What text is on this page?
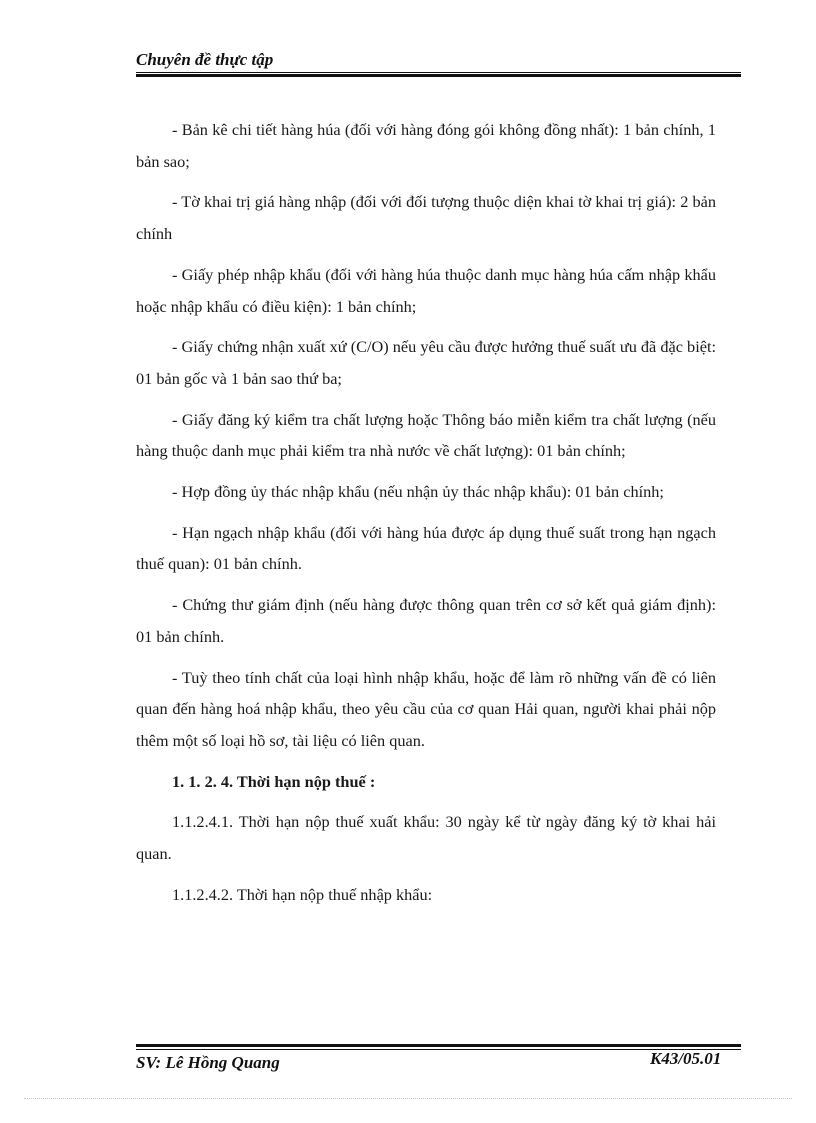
Chuyên đề thực tập

- Bản kê chi tiết hàng húa (đối với hàng đóng gói không đồng nhất): 1 bản chính, 1 bản sao;

- Tờ khai trị giá hàng nhập (đối với đối tượng thuộc diện khai tờ khai trị giá): 2 bản chính

- Giấy phép nhập khẩu (đối với hàng húa thuộc danh mục hàng húa cấm nhập khẩu hoặc nhập khẩu có điều kiện): 1 bản chính;

- Giấy chứng nhận xuất xứ (C/O) nếu yêu cầu được hưởng thuế suất ưu đã đặc biệt: 01 bản gốc và 1 bản sao thứ ba;

- Giấy đăng ký kiểm tra chất lượng hoặc Thông báo miễn kiểm tra chất lượng (nếu hàng thuộc danh mục phải kiểm tra nhà nước về chất lượng): 01 bản chính;

- Hợp đồng ủy thác nhập khẩu (nếu nhận ủy thác nhập khẩu): 01 bản chính;

- Hạn ngạch nhập khẩu (đối với hàng húa được áp dụng thuế suất trong hạn ngạch thuế quan): 01 bản chính.

- Chứng thư giám định (nếu hàng được thông quan trên cơ sở kết quả giám định): 01 bản chính.

- Tuỳ theo tính chất của loại hình nhập khẩu, hoặc để làm rõ những vấn đề có liên quan đến hàng hoá nhập khẩu, theo yêu cầu của cơ quan Hải quan, người khai phải nộp thêm một số loại hồ sơ, tài liệu có liên quan.

1. 1. 2. 4. Thời hạn nộp thuế :

1.1.2.4.1. Thời hạn nộp thuế xuất khẩu: 30 ngày kể từ ngày đăng ký tờ khai hải quan.

1.1.2.4.2. Thời hạn nộp thuế nhập khẩu:

SV: Lê Hồng Quang	K43/05.01
